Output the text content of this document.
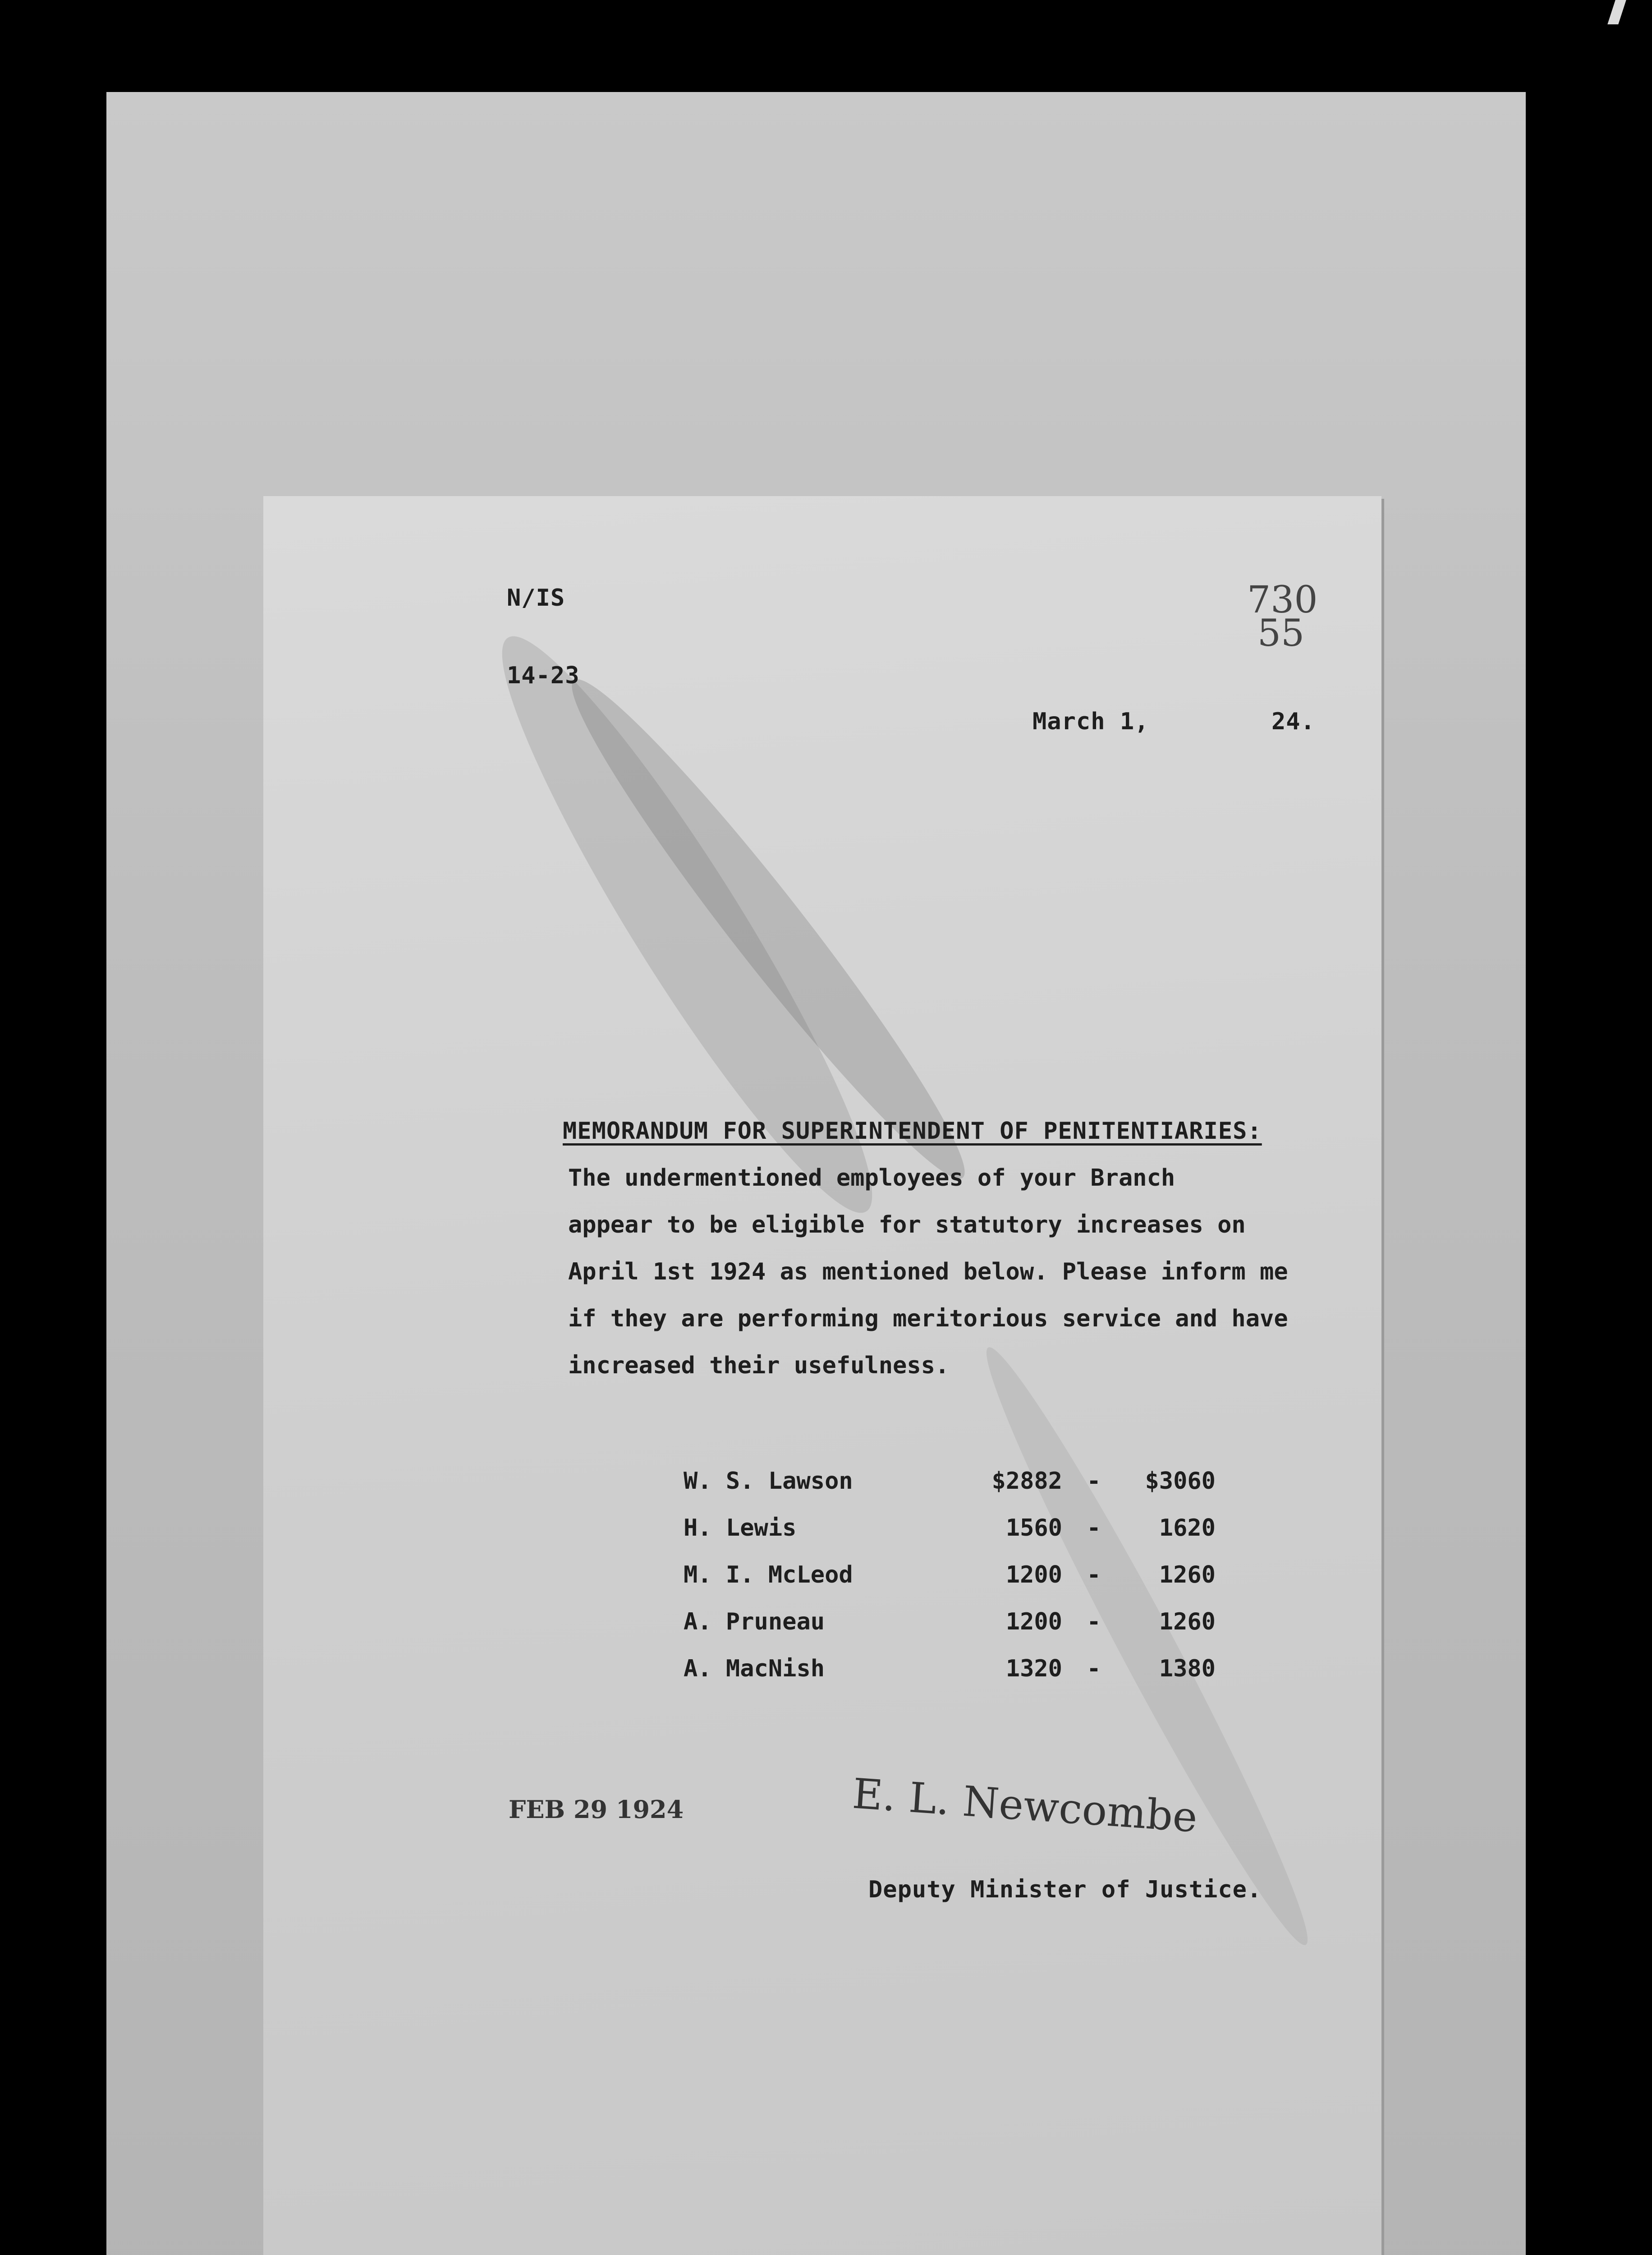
N/IS
14-23
730
55
March 1,	24.
MEMORANDUM FOR SUPERINTENDENT OF PENITENTIARIES:

The undermentioned employees of your Branch

appear to be eligible for statutory increases on

April 1st 1924 as mentioned below. Please inform me

if they are performing meritorious service and have

increased their usefulness.

W. S. Lawson	$2882	-	$3060
H. Lewis	1560	-	1620
M. I. McLeod	1200	-	1260
A. Pruneau	1200	-	1260
A. MacNish	1320	-	1380
FEB 29 1924	E. L. Newcombe
Deputy Minister of Justice.
